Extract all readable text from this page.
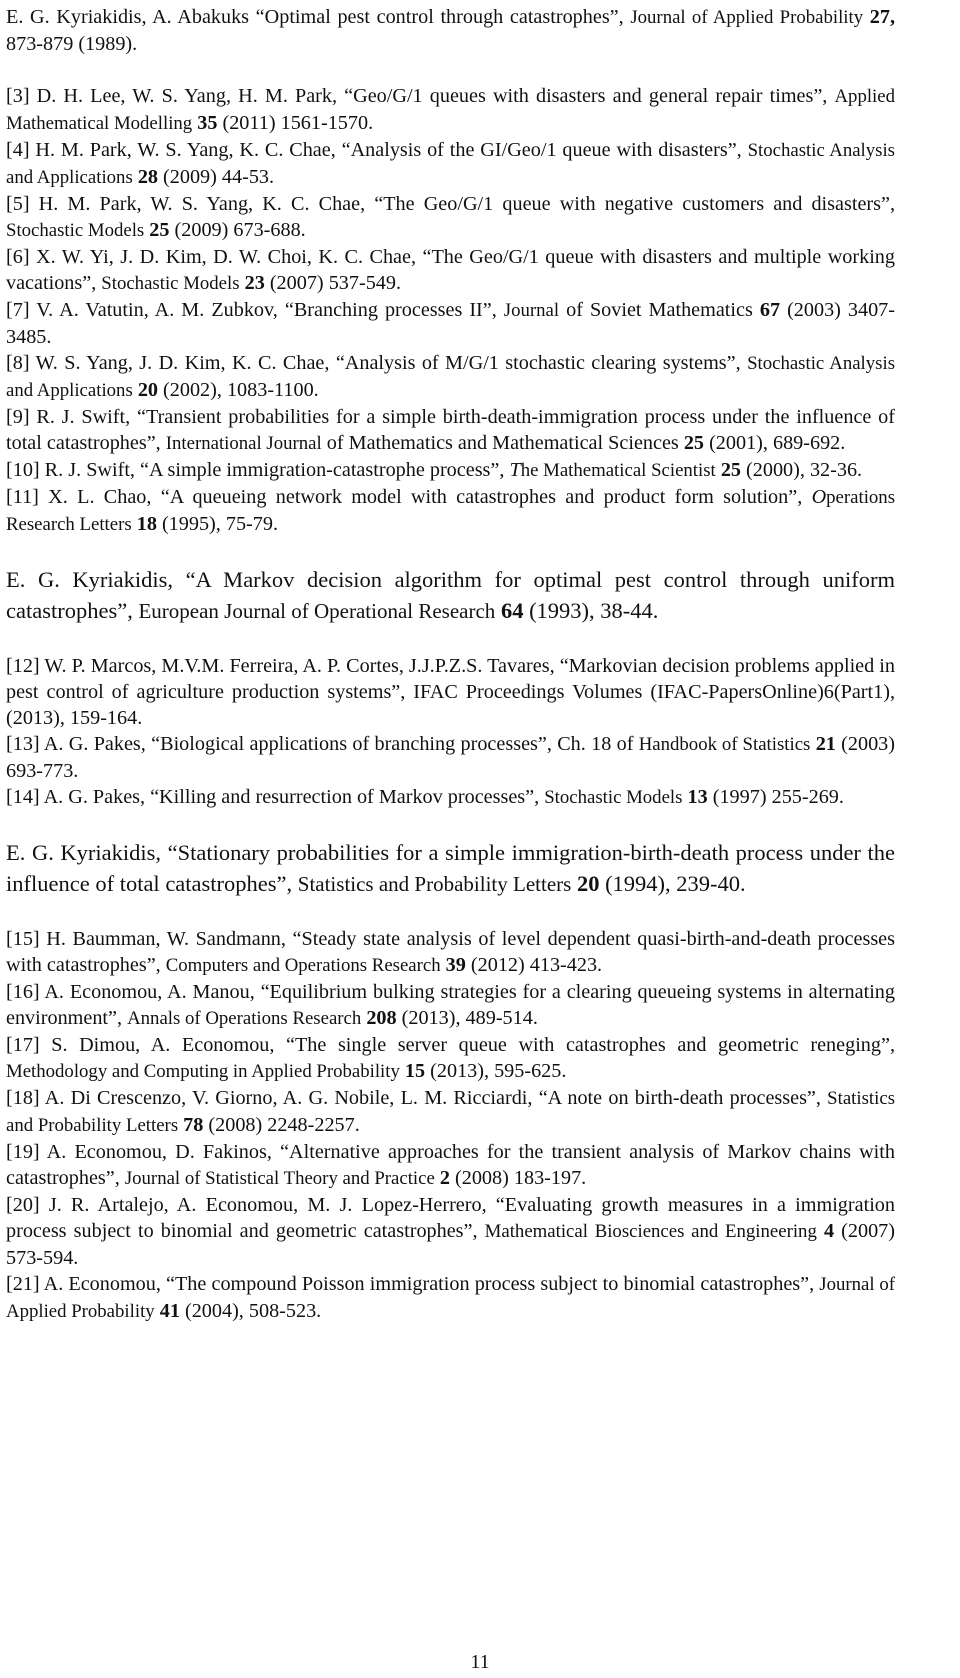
E. G. Kyriakidis, A. Abakuks “Optimal pest control through catastrophes”, Journal of Applied Probability 27, 873-879 (1989).

[3] D. H. Lee, W. S. Yang, H. M. Park, “Geo/G/1 queues with disasters and general repair times”, Applied Mathematical Modelling 35 (2011) 1561-1570.

[4] H. M. Park, W. S. Yang, K. C. Chae, “Analysis of the GI/Geo/1 queue with disasters”, Stochastic Analysis and Applications 28 (2009) 44-53.

[5] H. M. Park, W. S. Yang, K. C. Chae, “The Geo/G/1 queue with negative customers and disasters”, Stochastic Models 25 (2009) 673-688.

[6] X. W. Yi, J. D. Kim, D. W. Choi, K. C. Chae, “The Geo/G/1 queue with disasters and multiple working vacations”, Stochastic Models 23 (2007) 537-549.

[7] V. A. Vatutin, A. M. Zubkov, “Branching processes II”, Journal of Soviet Mathematics 67 (2003) 3407-3485.

[8] W. S. Yang, J. D. Kim, K. C. Chae, “Analysis of M/G/1 stochastic clearing systems”, Stochastic Analysis and Applications 20 (2002), 1083-1100.

[9] R. J. Swift, “Transient probabilities for a simple birth-death-immigration process under the influence of total catastrophes”, International Journal of Mathematics and Mathematical Sciences 25 (2001), 689-692.

[10] R. J. Swift, “A simple immigration-catastrophe process”, The Mathematical Scientist 25 (2000), 32-36.

[11] X. L. Chao, “A queueing network model with catastrophes and product form solution”, Operations Research Letters 18 (1995), 75-79.

E. G. Kyriakidis, “A Markov decision algorithm for optimal pest control through uniform catastrophes”, European Journal of Operational Research 64 (1993), 38-44.

[12] W. P. Marcos, M.V.M. Ferreira, A. P. Cortes, J.J.P.Z.S. Tavares, “Markovian decision problems applied in pest control of agriculture production systems”, IFAC Proceedings Volumes (IFAC-PapersOnline)6(Part1), (2013), 159-164.

[13] A. G. Pakes, “Biological applications of branching processes”, Ch. 18 of Handbook of Statistics 21 (2003) 693-773.

[14] A. G. Pakes, “Killing and resurrection of Markov processes”, Stochastic Models 13 (1997) 255-269.

E. G. Kyriakidis, “Stationary probabilities for a simple immigration-birth-death process under the influence of total catastrophes”, Statistics and Probability Letters 20 (1994), 239-40.

[15] H. Baumman, W. Sandmann, “Steady state analysis of level dependent quasi-birth-and-death processes with catastrophes”, Computers and Operations Research 39 (2012) 413-423.

[16] A. Economou, A. Manou, “Equilibrium bulking strategies for a clearing queueing systems in alternating environment”, Annals of Operations Research 208 (2013), 489-514.

[17] S. Dimou, A. Economou, “The single server queue with catastrophes and geometric reneging”, Methodology and Computing in Applied Probability 15 (2013), 595-625.

[18] A. Di Crescenzo, V. Giorno, A. G. Nobile, L. M. Ricciardi, “A note on birth-death processes”, Statistics and Probability Letters 78 (2008) 2248-2257.

[19] A. Economou, D. Fakinos, “Alternative approaches for the transient analysis of Markov chains with catastrophes”, Journal of Statistical Theory and Practice 2 (2008) 183-197.

[20] J. R. Artalejo, A. Economou, M. J. Lopez-Herrero, “Evaluating growth measures in a immigration process subject to binomial and geometric catastrophes”, Mathematical Biosciences and Engineering 4 (2007) 573-594.

[21] A. Economou, “The compound Poisson immigration process subject to binomial catastrophes”, Journal of Applied Probability 41 (2004), 508-523.

11
